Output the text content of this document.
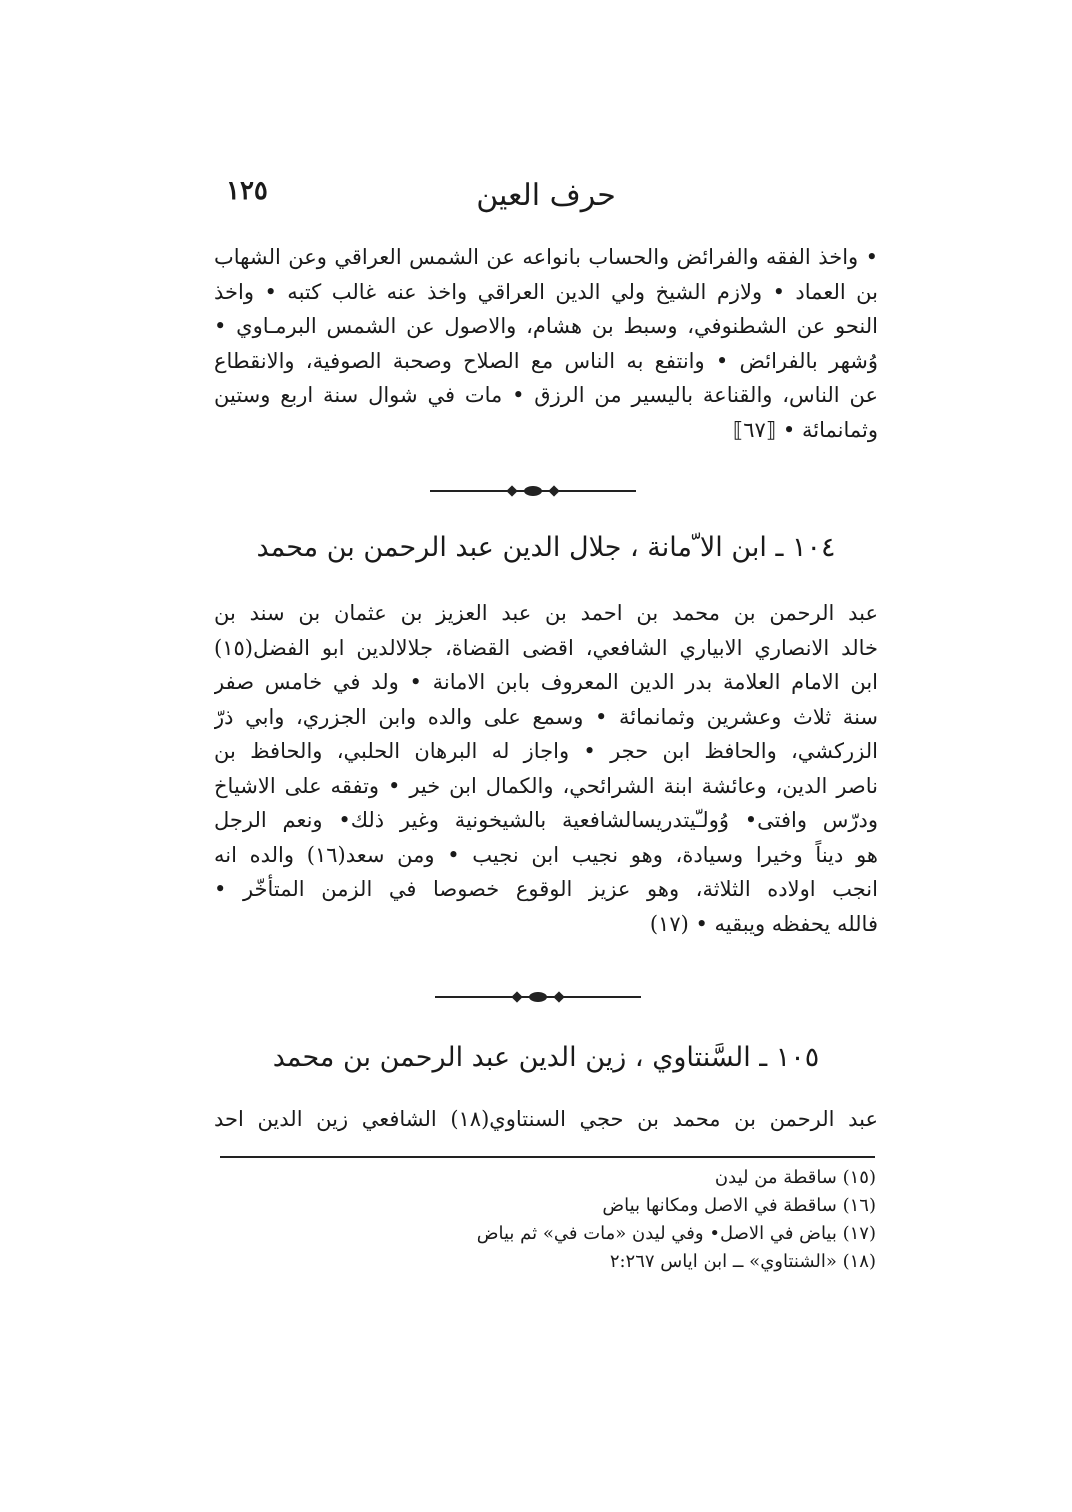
حرف العين
١٢٥
• واخذ الفقه والفرائض والحساب بانواعه عن الشمس العراقي وعن الشهاب
بن العماد • ولازم الشيخ ولي الدين العراقي واخذ عنه غالب كتبه • واخذ
النحو عن الشطنوفي، وسبط بن هشام، والاصول عن الشمس البرمـاوي •
وُشهر بالفرائض • وانتفع به الناس مع الصلاح وصحبة الصوفية، والانقطاع
عن الناس، والقناعة باليسير من الرزق • مات في شوال سنة اربع وستين
وثمانمائة • ⟦٦٧⟧
١٠٤ ـ ابن الا ّمانة ، جلال الدين عبد الرحمن بن محمد
عبد الرحمن بن محمد بن احمد بن عبد العزيز بن عثمان بن سند بن
خالد الانصاري الابياري الشافعي، اقضى القضاة، جلالالدين ابو الفضل(١٥)
ابن الامام العلامة بدر الدين المعروف بابن الامانة • ولد في خامس صفر
سنة ثلاث وعشرين وثمانمائة • وسمع على والده وابن الجزري، وابي ذرّ
الزركشي، والحافظ ابن حجر • واجاز له البرهان الحلبي، والحافظ بن
ناصر الدين، وعائشة ابنة الشرائحي، والكمال ابن خير • وتفقه على الاشياخ
ودرّس وافتى• وُولـّيتدريسالشافعية بالشيخونية وغير ذلك• ونعم الرجل
هو ديناً وخيرا وسيادة، وهو نجيب ابن نجيب • ومن سعد(١٦) والده انه
انجب اولاده الثلاثة، وهو عزيز الوقوع خصوصا في الزمن المتأخّر •
فالله يحفظه ويبقيه • (١٧)
١٠٥ ـ السَّنتاوي ، زين الدين عبد الرحمن بن محمد
عبد الرحمن بن محمد بن حجي السنتاوي(١٨) الشافعي زين الدين احد
(١٥) ساقطة من ليدن
(١٦) ساقطة في الاصل ومكانها بياض
(١٧) بياض في الاصل• وفي ليدن «مات في» ثم بياض
(١٨) «الشنتاوي» ــ ابن اياس ٢:٢٦٧
